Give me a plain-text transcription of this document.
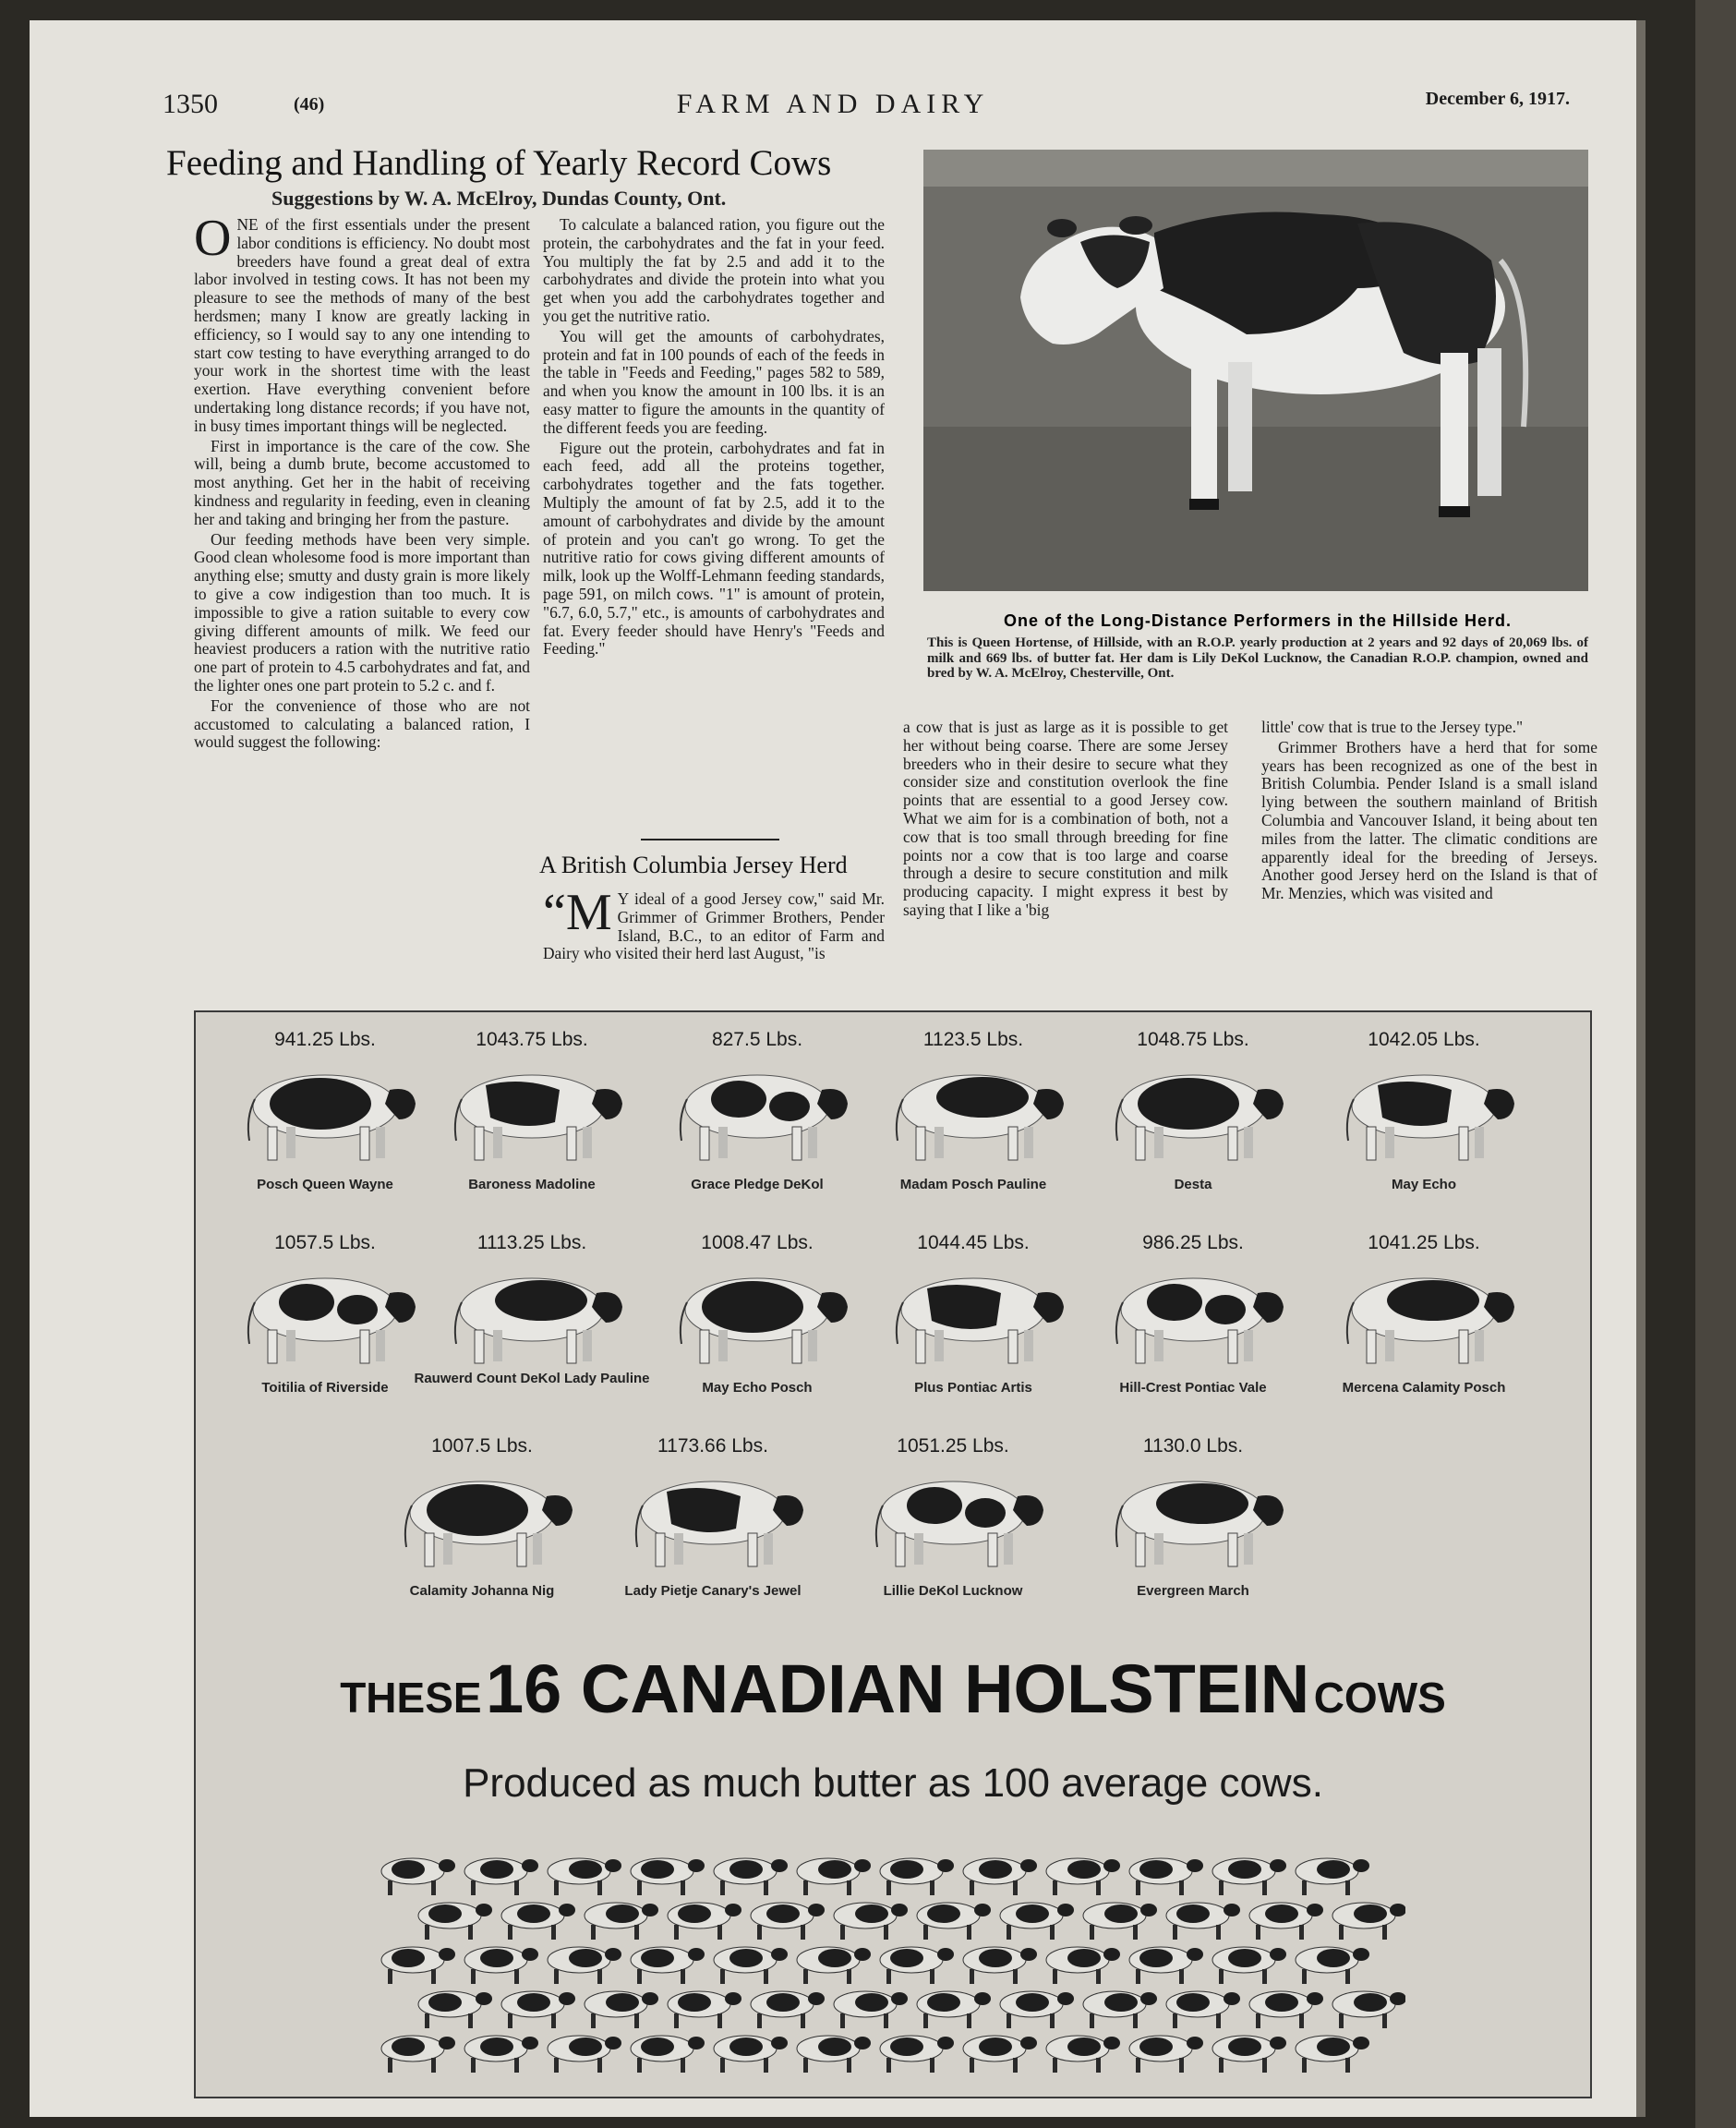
1350	(46)	FARM AND DAIRY	December 6, 1917.
Feeding and Handling of Yearly Record Cows
Suggestions by W. A. McElroy, Dundas County, Ont.

ONE of the first essentials under the present labor conditions is efficiency. No doubt most breeders have found a great deal of extra labor involved in testing cows. It has not been my pleasure to see the methods of many of the best herdsmen; many I know are greatly lacking in efficiency, so I would say to any one intending to start cow testing to have everything arranged to do your work in the shortest time with the least exertion. Have everything convenient before undertaking long distance records; if you have not, in busy times important things will be neglected.

First in importance is the care of the cow. She will, being a dumb brute, become accustomed to most anything. Get her in the habit of receiving kindness and regularity in feeding, even in cleaning her and taking and bringing her from the pasture.

Our feeding methods have been very simple. Good clean wholesome food is more important than anything else; smutty and dusty grain is more likely to give a cow indigestion than too much. It is impossible to give a ration suitable to every cow giving different amounts of milk. We feed our heaviest producers a ration with the nutritive ratio one part of protein to 4.5 carbohydrates and fat, and the lighter ones one part protein to 5.2 c. and f.

For the convenience of those who are not accustomed to calculating a balanced ration, I would suggest the following:

To calculate a balanced ration, you figure out the protein, the carbohydrates and the fat in your feed. You multiply the fat by 2.5 and add it to the carbohydrates and divide the protein into what you get when you add the carbohydrates together and you get the nutritive ratio.

You will get the amounts of carbohydrates, protein and fat in 100 pounds of each of the feeds in the table in "Feeds and Feeding," pages 582 to 589, and when you know the amount in 100 lbs. it is an easy matter to figure the amounts in the quantity of the different feeds you are feeding.

Figure out the protein, carbohydrates and fat in each feed, add all the proteins together, carbohydrates together and the fats together. Multiply the amount of fat by 2.5, add it to the amount of carbohydrates and divide by the amount of protein and you can't go wrong. To get the nutritive ratio for cows giving different amounts of milk, look up the Wolff-Lehmann feeding standards, page 591, on milch cows. "1" is amount of protein, "6.7, 6.0, 5.7," etc., is amounts of carbohydrates and fat. Every feeder should have Henry's "Feeds and Feeding."

A British Columbia Jersey Herd

“M Y ideal of a good Jersey cow," said Mr. Grimmer of Grimmer Brothers, Pender Island, B.C., to an editor of Farm and Dairy who visited their herd last August, "is

a cow that is just as large as it is possible to get her without being coarse. There are some Jersey breeders who in their desire to secure what they consider size and constitution overlook the fine points that are essential to a good Jersey cow. What we aim for is a combination of both, not a cow that is too small through breeding for fine points nor a cow that is too large and coarse through a desire to secure constitution and milk producing capacity. I might express it best by saying that I like a 'big

little' cow that is true to the Jersey type."

Grimmer Brothers have a herd that for some years has been recognized as one of the best in British Columbia. Pender Island is a small island lying between the southern mainland of British Columbia and Vancouver Island, it being about ten miles from the latter. The climatic conditions are apparently ideal for the breeding of Jerseys. Another good Jersey herd on the Island is that of Mr. Menzies, which was visited and

One of the Long-Distance Performers in the Hillside Herd.
This is Queen Hortense, of Hillside, with an R.O.P. yearly production at 2 years and 92 days of 20,069 lbs. of milk and 669 lbs. of butter fat. Her dam is Lily DeKol Lucknow, the Canadian R.O.P. champion, owned and bred by W. A. McElroy, Chesterville, Ont.
941.25 Lbs.
Posch Queen Wayne
1043.75 Lbs.
Baroness Madoline
827.5 Lbs.
Grace Pledge DeKol
1123.5 Lbs.
Madam Posch Pauline
1048.75 Lbs.
Desta
1042.05 Lbs.
May Echo
1057.5 Lbs.
Toitilia of Riverside
1113.25 Lbs.
Rauwerd Count DeKol Lady Pauline
1008.47 Lbs.
May Echo Posch
1044.45 Lbs.
Plus Pontiac Artis
986.25 Lbs.
Hill-Crest Pontiac Vale
1041.25 Lbs.
Mercena Calamity Posch
1007.5 Lbs.
Calamity Johanna Nig
1173.66 Lbs.
Lady Pietje Canary's Jewel
1051.25 Lbs.
Lillie DeKol Lucknow
1130.0 Lbs.
Evergreen March
THESE 16 CANADIAN HOLSTEIN COWS
Produced as much butter as 100 average cows.
